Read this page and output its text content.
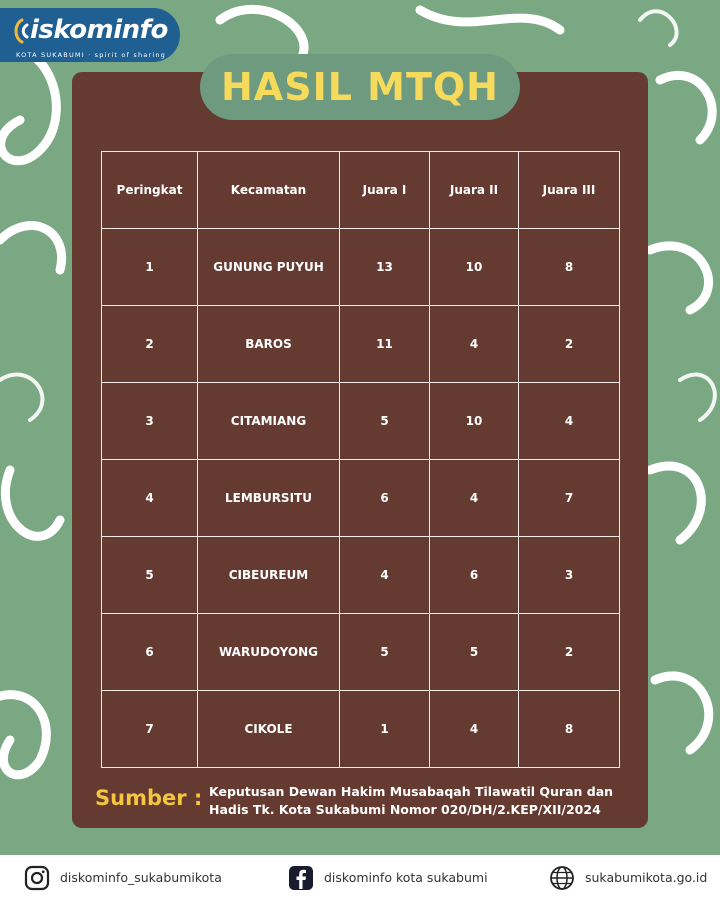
iskominfo
KOTA SUKABUMI · spirit of sharing
HASIL MTQH
Peringkat	Kecamatan	Juara I	Juara II	Juara III
1	GUNUNG PUYUH	13	10	8
2	BAROS	11	4	2
3	CITAMIANG	5	10	4
4	LEMBURSITU	6	4	7
5	CIBEUREUM	4	6	3
6	WARUDOYONG	5	5	2
7	CIKOLE	1	4	8
Sumber : Keputusan Dewan Hakim Musabaqah Tilawatil Quran dan
Hadis Tk. Kota Sukabumi Nomor 020/DH/2.KEP/XII/2024
diskominfo_sukabumikota	diskominfo kota sukabumi	sukabumikota.go.id
